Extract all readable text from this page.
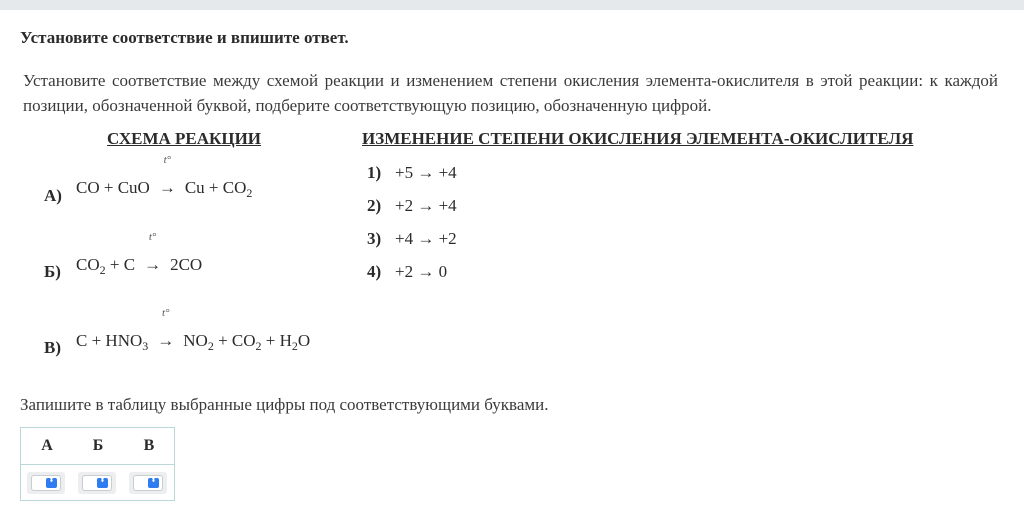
Установите соответствие и впишите ответ.
Установите соответствие между схемой реакции и изменением степени окисления элемента-окислителя в этой реакции: к каждой позиции, обозначенной буквой, подберите соответствующую позицию, обозначенную цифрой.
СХЕМА РЕАКЦИИ	ИЗМЕНЕНИЕ СТЕПЕНИ ОКИСЛЕНИЯ ЭЛЕМЕНТА-ОКИСЛИТЕЛЯ
А) CO + CuO
t°
→ $Cu + CO_2$
Б) $CO_2 + C$
t°
→ 2CO
В) $C + HNO_3$
t°
→ $NO_2 + CO_2 + H_2O$
1) +5 → +4
2) +2 → +4
3) +4 → +2
4) +2 → 0
Запишите в таблицу выбранные цифры под соответствующими буквами.
А	Б	В
⬍	⬍	⬍
